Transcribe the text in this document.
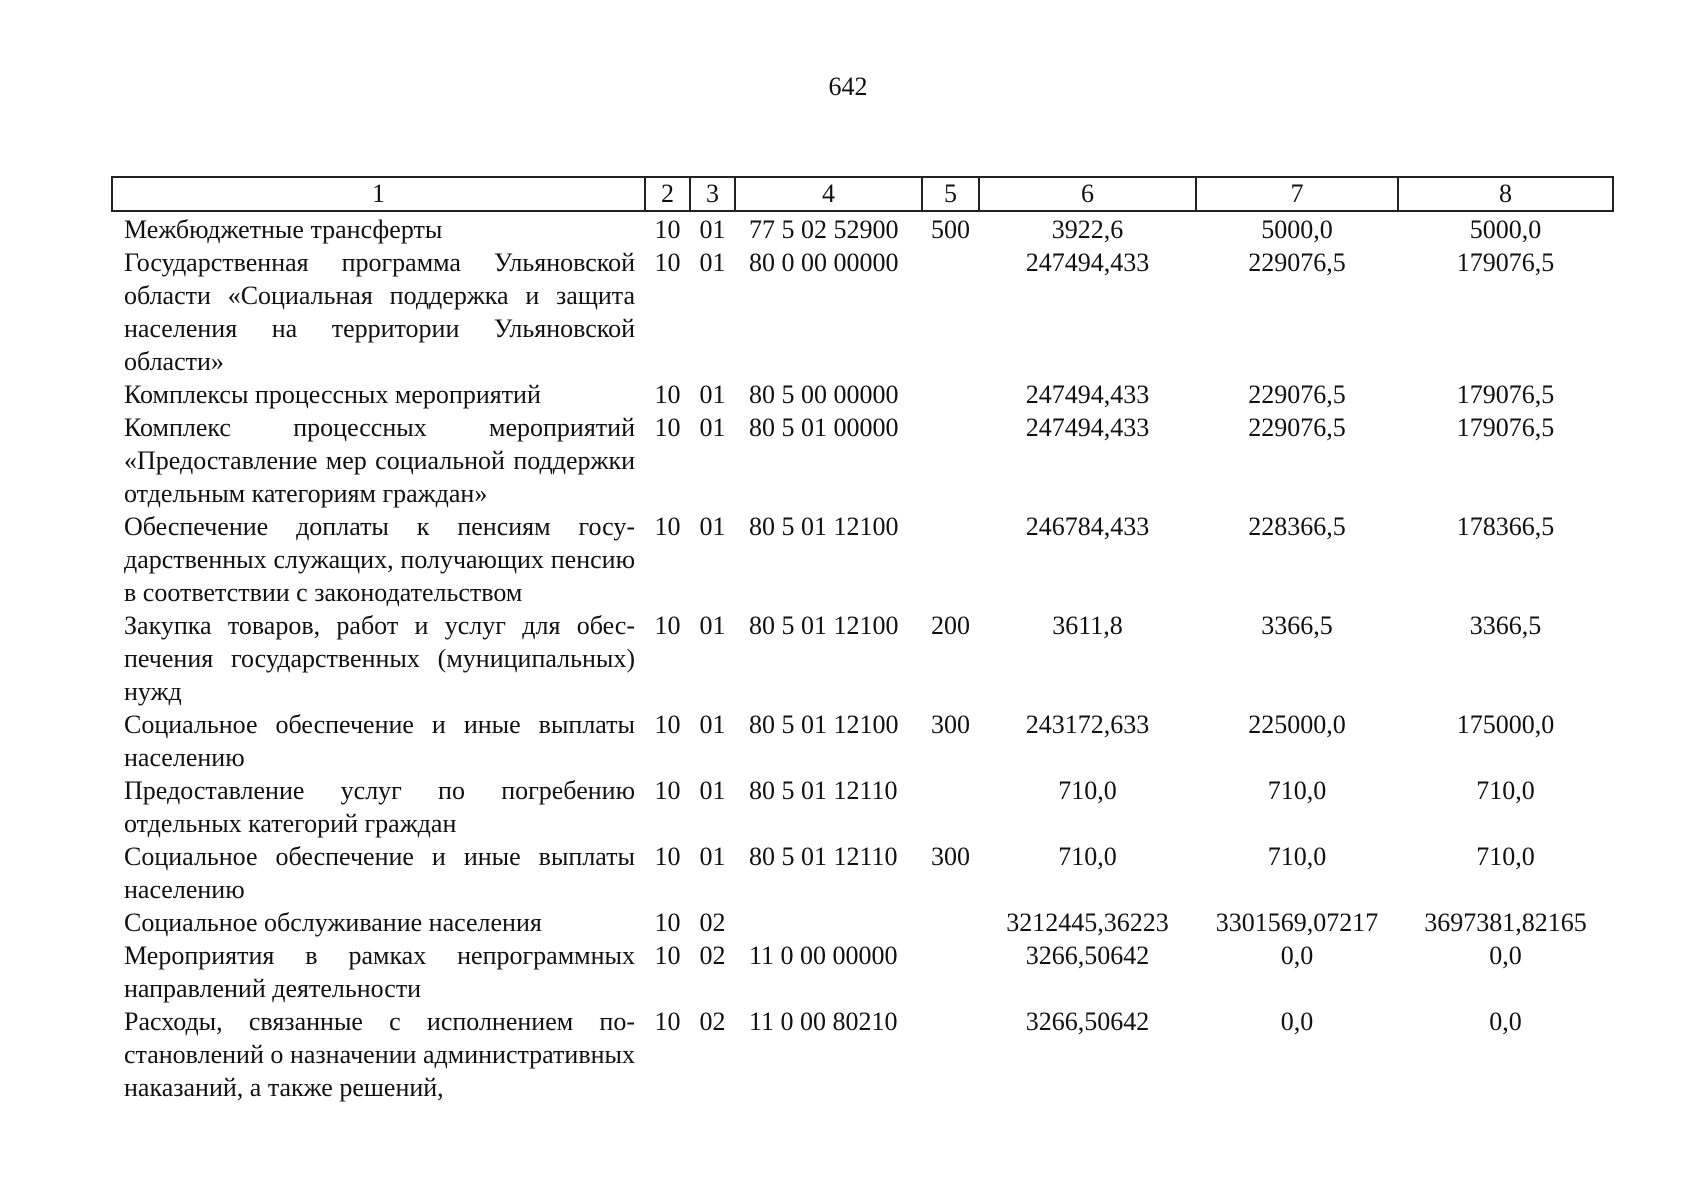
642
1	2	3	4	5	6	7	8
Межбюджетные трансферты	10	01	77 5 02 52900	500	3922,6	5000,0	5000,0
Государственная программа Ульяновской области «Социальная поддержка и защита населения на территории Ульяновской области»	10	01	80 0 00 00000		247494,433	229076,5	179076,5
Комплексы процессных мероприятий	10	01	80 5 00 00000		247494,433	229076,5	179076,5
Комплекс процессных мероприятий «Предоставление мер социальной поддержки отдельным категориям граждан»	10	01	80 5 01 00000		247494,433	229076,5	179076,5
Обеспечение доплаты к пенсиям государственных служащих, получающих пенсию в соответствии с законодательством	10	01	80 5 01 12100		246784,433	228366,5	178366,5
Закупка товаров, работ и услуг для обеспечения государственных (муниципальных) нужд	10	01	80 5 01 12100	200	3611,8	3366,5	3366,5
Социальное обеспечение и иные выплаты населению	10	01	80 5 01 12100	300	243172,633	225000,0	175000,0
Предоставление услуг по погребению отдельных категорий граждан	10	01	80 5 01 12110		710,0	710,0	710,0
Социальное обеспечение и иные выплаты населению	10	01	80 5 01 12110	300	710,0	710,0	710,0
Социальное обслуживание населения	10	02			3212445,36223	3301569,07217	3697381,82165
Мероприятия в рамках непрограммных направлений деятельности	10	02	11 0 00 00000		3266,50642	0,0	0,0
Расходы, связанные с исполнением постановлений о назначении административных наказаний, а также решений,	10	02	11 0 00 80210		3266,50642	0,0	0,0
